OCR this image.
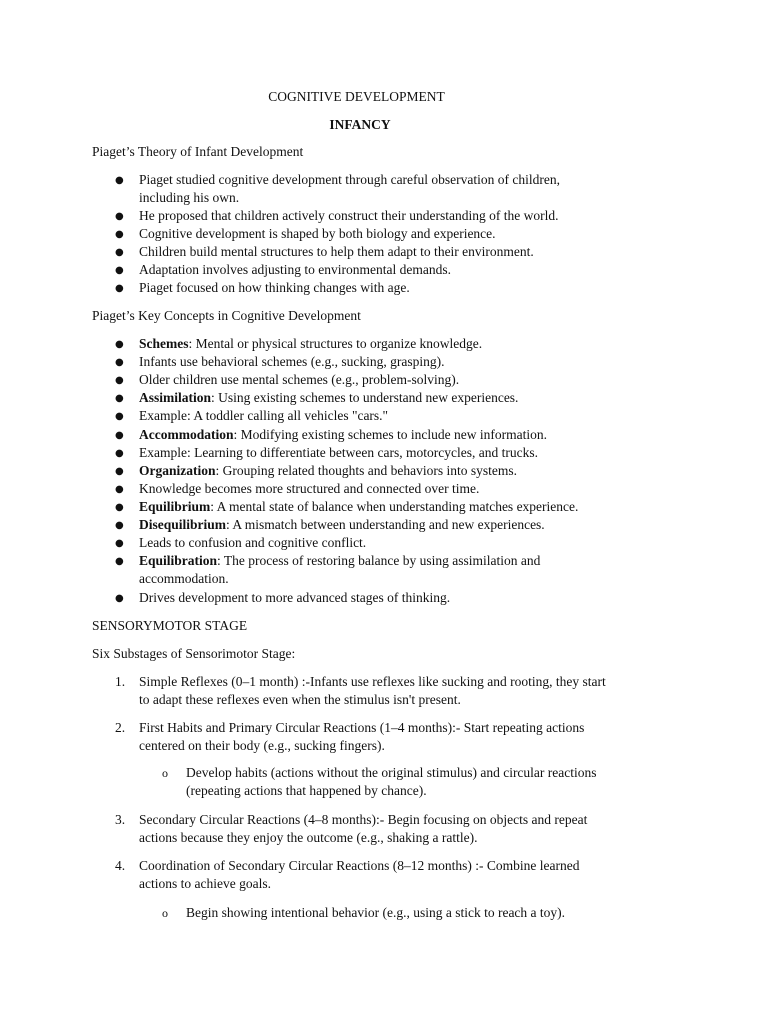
COGNITIVE DEVELOPMENT
INFANCY
Piaget’s Theory of Infant Development
● Piaget studied cognitive development through careful observation of children,
including his own.
● He proposed that children actively construct their understanding of the world.
● Cognitive development is shaped by both biology and experience.
● Children build mental structures to help them adapt to their environment.
● Adaptation involves adjusting to environmental demands.
● Piaget focused on how thinking changes with age.
Piaget’s Key Concepts in Cognitive Development
● Schemes: Mental or physical structures to organize knowledge.
● Infants use behavioral schemes (e.g., sucking, grasping).
● Older children use mental schemes (e.g., problem-solving).
● Assimilation: Using existing schemes to understand new experiences.
● Example: A toddler calling all vehicles "cars."
● Accommodation: Modifying existing schemes to include new information.
● Example: Learning to differentiate between cars, motorcycles, and trucks.
● Organization: Grouping related thoughts and behaviors into systems.
● Knowledge becomes more structured and connected over time.
● Equilibrium: A mental state of balance when understanding matches experience.
● Disequilibrium: A mismatch between understanding and new experiences.
● Leads to confusion and cognitive conflict.
● Equilibration: The process of restoring balance by using assimilation and
accommodation.
● Drives development to more advanced stages of thinking.
SENSORYMOTOR STAGE
Six Substages of Sensorimotor Stage:
1. Simple Reflexes (0–1 month) :-Infants use reflexes like sucking and rooting, they start
to adapt these reflexes even when the stimulus isn't present.
2. First Habits and Primary Circular Reactions (1–4 months):- Start repeating actions
centered on their body (e.g., sucking fingers).
o Develop habits (actions without the original stimulus) and circular reactions
(repeating actions that happened by chance).
3. Secondary Circular Reactions (4–8 months):- Begin focusing on objects and repeat
actions because they enjoy the outcome (e.g., shaking a rattle).
4. Coordination of Secondary Circular Reactions (8–12 months) :- Combine learned
actions to achieve goals.
o Begin showing intentional behavior (e.g., using a stick to reach a toy).
